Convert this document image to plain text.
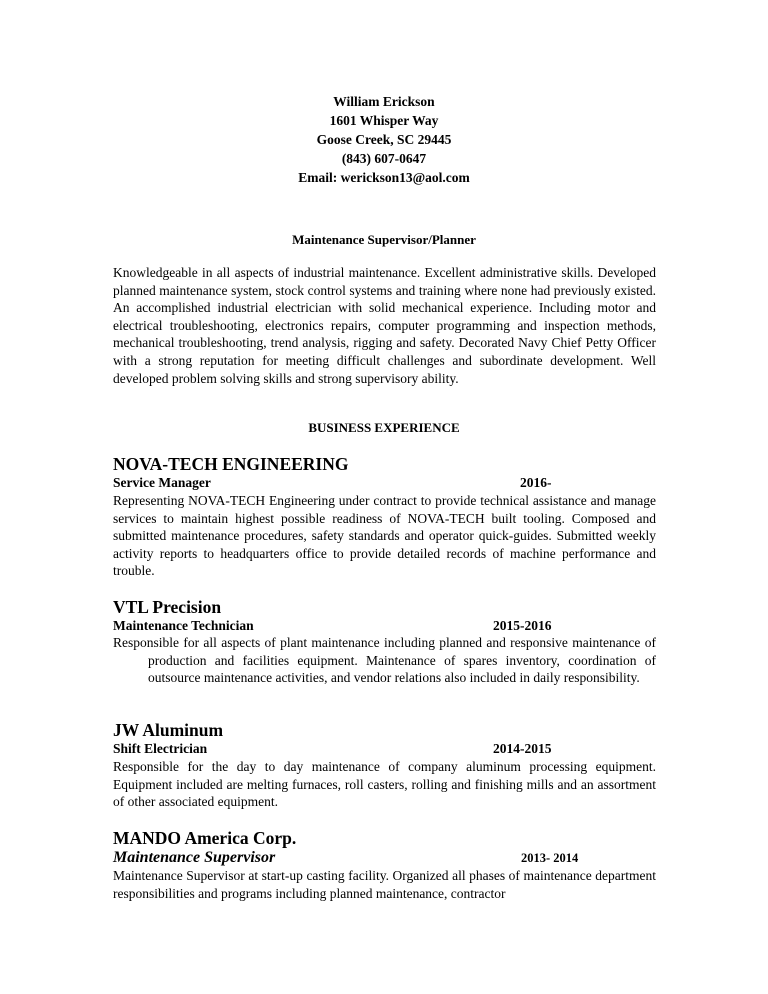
William Erickson
1601 Whisper Way
Goose Creek, SC 29445
(843) 607-0647
Email: werickson13@aol.com
Maintenance Supervisor/Planner
Knowledgeable in all aspects of industrial maintenance. Excellent administrative skills. Developed planned maintenance system, stock control systems and training where none had previously existed. An accomplished industrial electrician with solid mechanical experience. Including motor and electrical troubleshooting, electronics repairs, computer programming and inspection methods, mechanical troubleshooting, trend analysis, rigging and safety. Decorated Navy Chief Petty Officer with a strong reputation for meeting difficult challenges and subordinate development. Well developed problem solving skills and strong supervisory ability.
BUSINESS EXPERIENCE
NOVA-TECH ENGINEERING
Service Manager	2016-
Representing NOVA-TECH Engineering under contract to provide technical assistance and manage services to maintain highest possible readiness of NOVA-TECH built tooling. Composed and submitted maintenance procedures, safety standards and operator quick-guides. Submitted weekly activity reports to headquarters office to provide detailed records of machine performance and trouble.
VTL Precision
Maintenance Technician	2015-2016
Responsible for all aspects of plant maintenance including planned and responsive maintenance of production and facilities equipment. Maintenance of spares inventory, coordination of outsource maintenance activities, and vendor relations also included in daily responsibility.
JW Aluminum
Shift Electrician	2014-2015
Responsible for the day to day maintenance of company aluminum processing equipment. Equipment included are melting furnaces, roll casters, rolling and finishing mills and an assortment of other associated equipment.
MANDO America Corp.
Maintenance Supervisor	2013- 2014
Maintenance Supervisor at start-up casting facility. Organized all phases of maintenance department responsibilities and programs including planned maintenance, contractor
